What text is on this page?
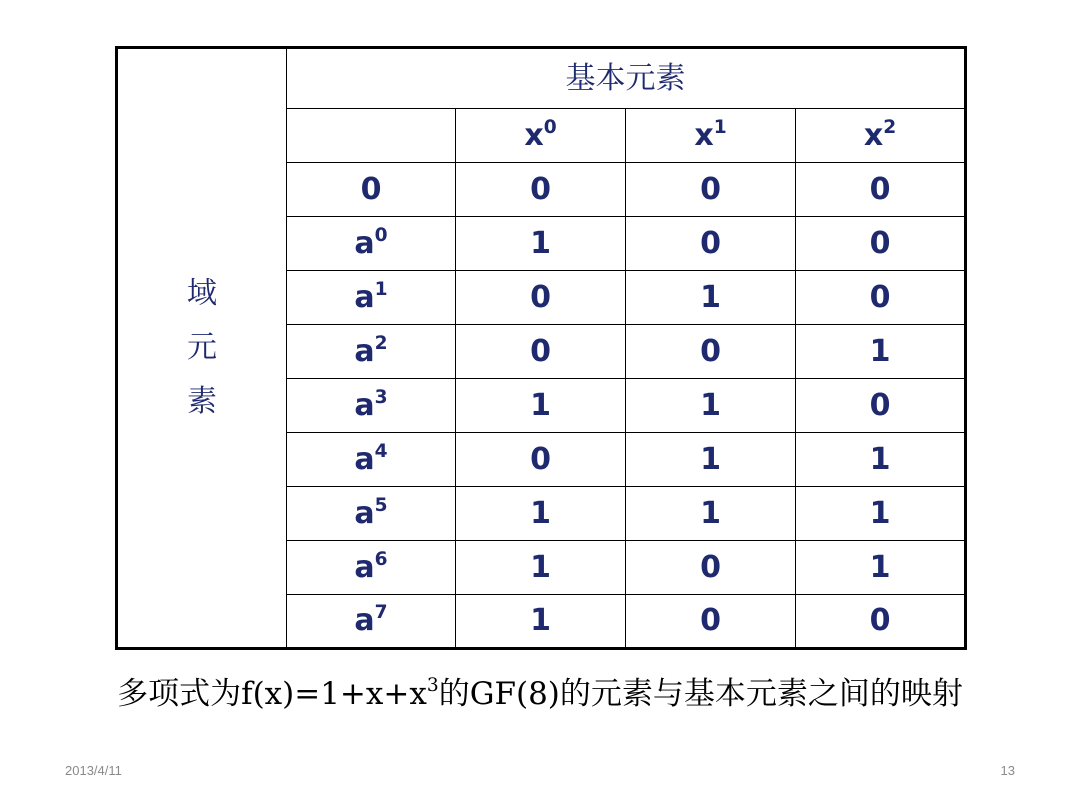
域
元
素	基本元素			
		$x^0$	$x^1$	$x^2$
	0	0	0	0
	$a^0$	1	0	0
	$a^1$	0	1	0
	$a^2$	0	0	1
	$a^3$	1	1	0
	$a^4$	0	1	1
	$a^5$	1	1	1
	$a^6$	1	0	1
	$a^7$	1	0	0
多项式为$f(x)=1+x+x^3$的GF(8)的元素与基本元素之间的映射
2013/4/11	13
